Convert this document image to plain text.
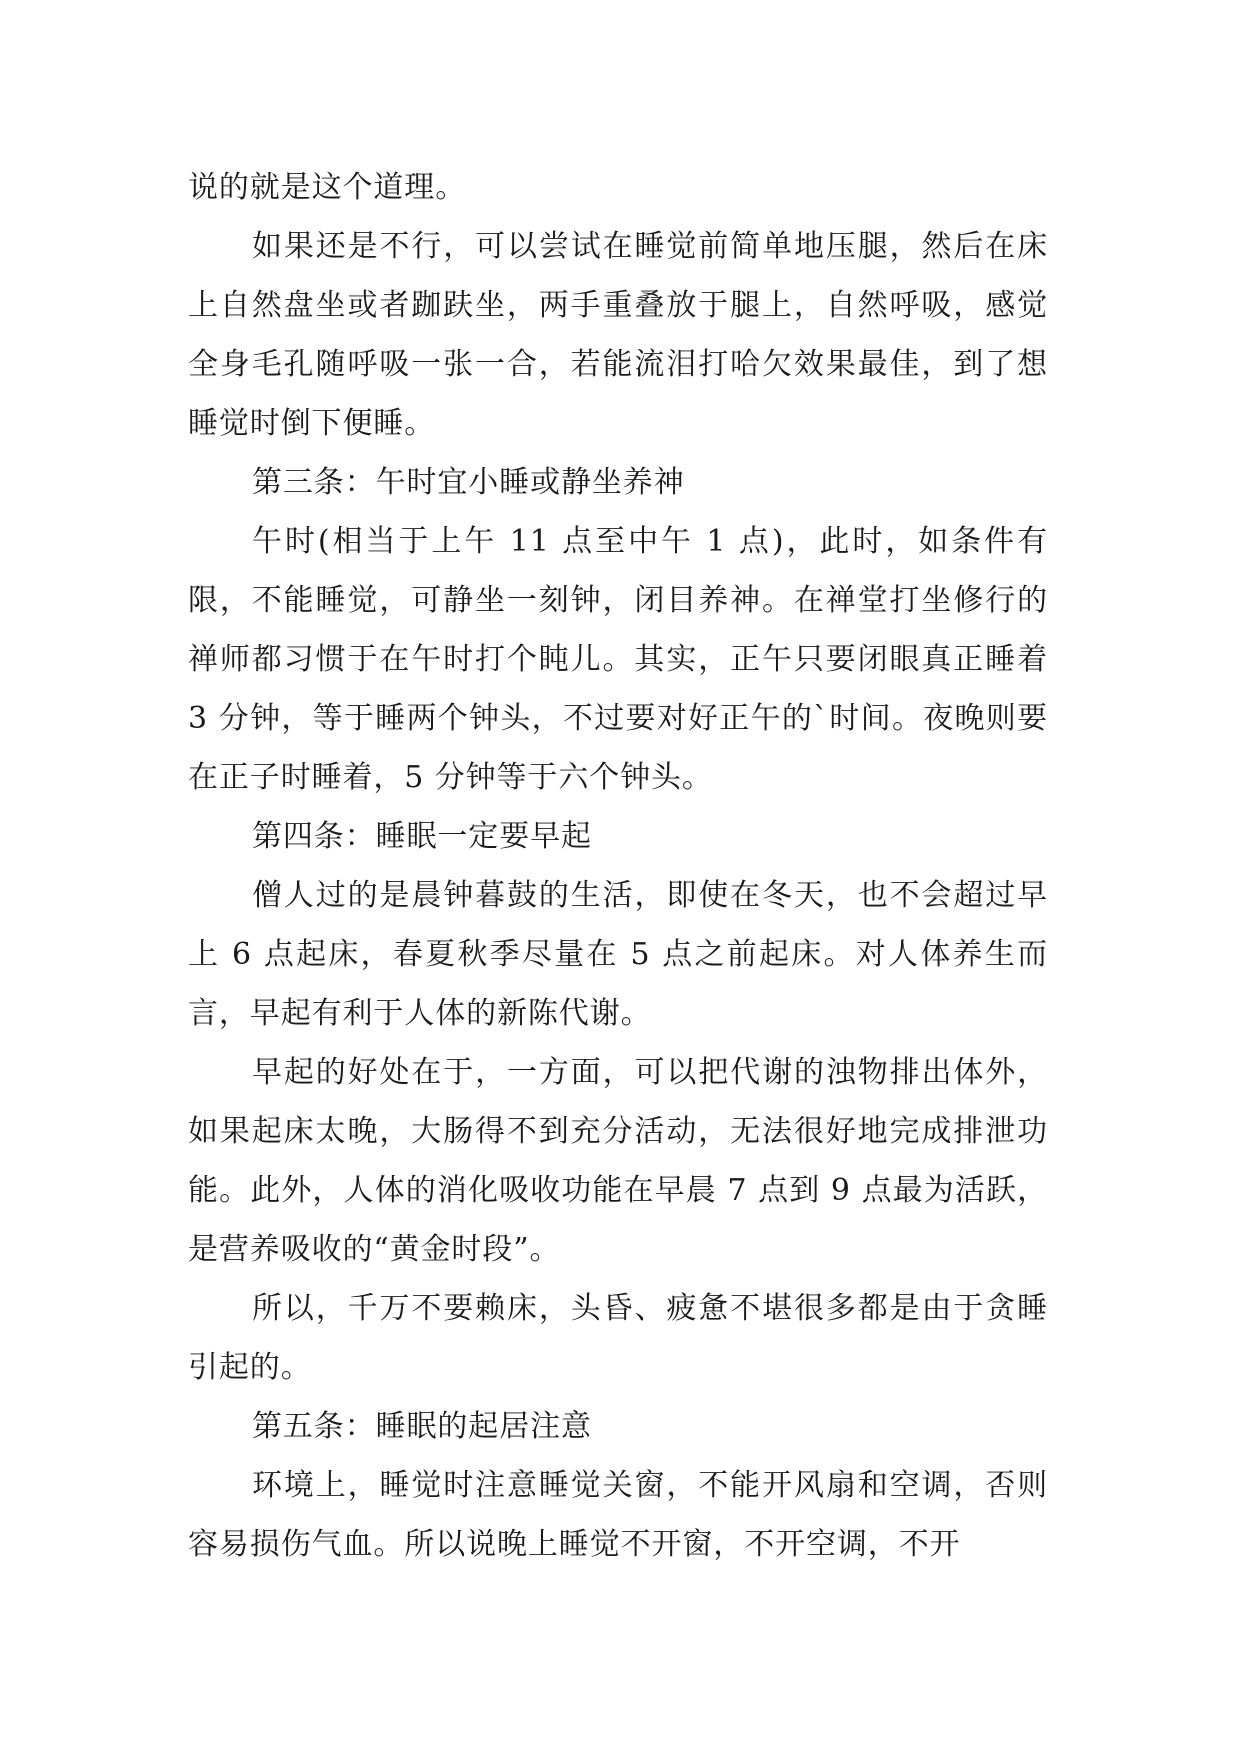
说的就是这个道理。

如果还是不行，可以尝试在睡觉前简单地压腿，然后在床上自然盘坐或者跏趺坐，两手重叠放于腿上，自然呼吸，感觉全身毛孔随呼吸一张一合，若能流泪打哈欠效果最佳，到了想睡觉时倒下便睡。

第三条：午时宜小睡或静坐养神

午时(相当于上午 11 点至中午 1 点)，此时，如条件有限，不能睡觉，可静坐一刻钟，闭目养神。在禅堂打坐修行的禅师都习惯于在午时打个盹儿。其实，正午只要闭眼真正睡着 3 分钟，等于睡两个钟头，不过要对好正午的`时间。夜晚则要在正子时睡着，5 分钟等于六个钟头。

第四条：睡眠一定要早起

僧人过的是晨钟暮鼓的生活，即使在冬天，也不会超过早上 6 点起床，春夏秋季尽量在 5 点之前起床。对人体养生而言，早起有利于人体的新陈代谢。

早起的好处在于，一方面，可以把代谢的浊物排出体外，如果起床太晚，大肠得不到充分活动，无法很好地完成排泄功能。此外，人体的消化吸收功能在早晨 7 点到 9 点最为活跃，是营养吸收的“黄金时段”。

所以，千万不要赖床，头昏、疲惫不堪很多都是由于贪睡引起的。

第五条：睡眠的起居注意

环境上，睡觉时注意睡觉关窗，不能开风扇和空调，否则容易损伤气血。所以说晚上睡觉不开窗，不开空调，不开
